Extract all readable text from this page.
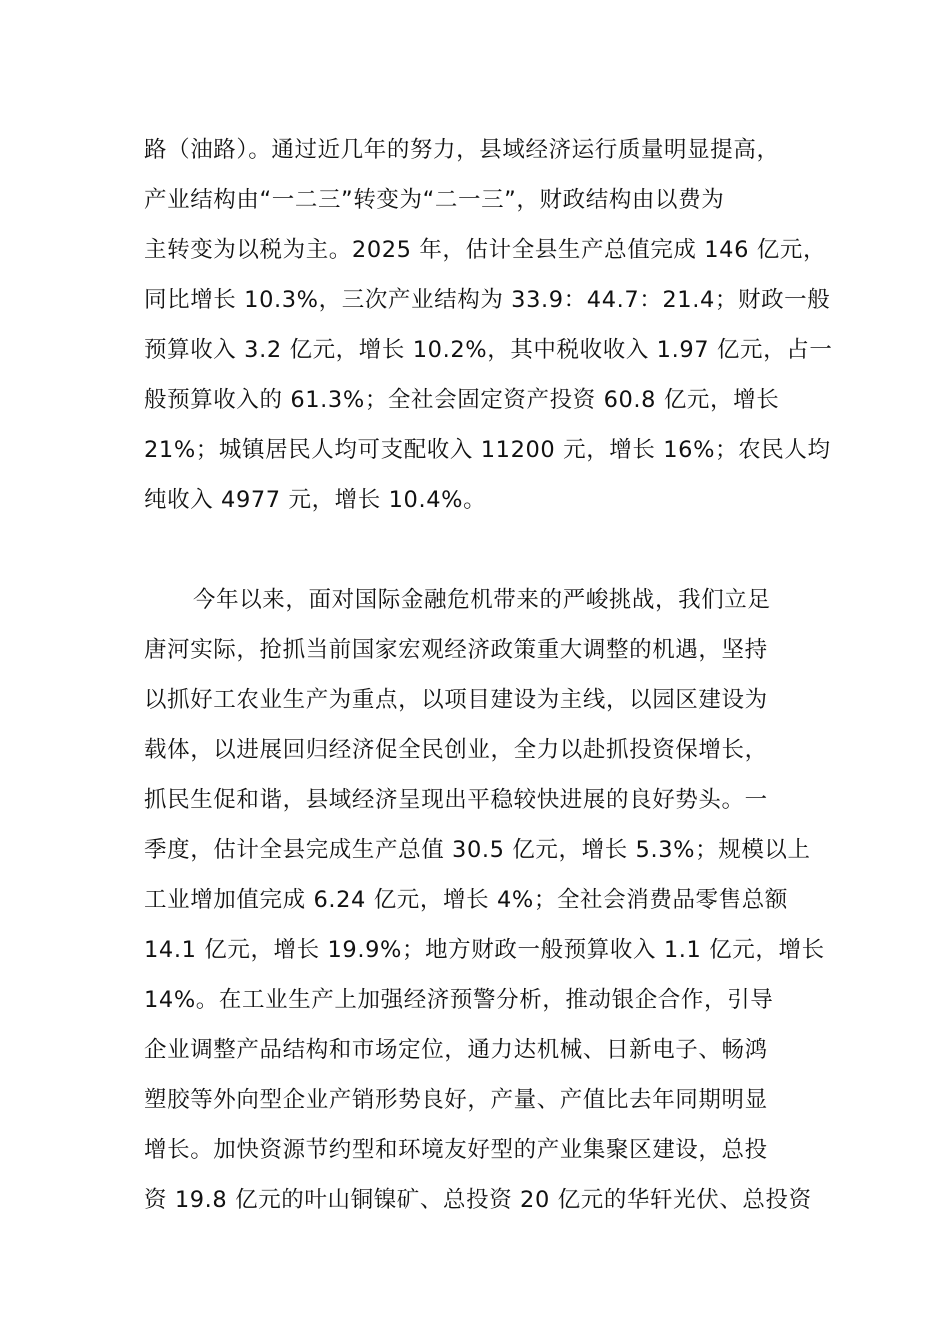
路（油路）。通过近几年的努力，县域经济运行质量明显提高，
产业结构由“一二三”转变为“二一三”，财政结构由以费为
主转变为以税为主。2025 年，估计全县生产总值完成 146 亿元，
同比增长 10.3%，三次产业结构为 33.9：44.7：21.4；财政一般
预算收入 3.2 亿元，增长 10.2%，其中税收收入 1.97 亿元，占一
般预算收入的 61.3%；全社会固定资产投资 60.8 亿元，增长
21%；城镇居民人均可支配收入 11200 元，增长 16%；农民人均
纯收入 4977 元，增长 10.4%。
今年以来，面对国际金融危机带来的严峻挑战，我们立足
唐河实际，抢抓当前国家宏观经济政策重大调整的机遇，坚持
以抓好工农业生产为重点，以项目建设为主线，以园区建设为
载体，以进展回归经济促全民创业，全力以赴抓投资保增长，
抓民生促和谐，县域经济呈现出平稳较快进展的良好势头。一
季度，估计全县完成生产总值 30.5 亿元，增长 5.3%；规模以上
工业增加值完成 6.24 亿元，增长 4%；全社会消费品零售总额
14.1 亿元，增长 19.9%；地方财政一般预算收入 1.1 亿元，增长
14%。在工业生产上加强经济预警分析，推动银企合作，引导
企业调整产品结构和市场定位，通力达机械、日新电子、畅鸿
塑胶等外向型企业产销形势良好，产量、产值比去年同期明显
增长。加快资源节约型和环境友好型的产业集聚区建设，总投
资 19.8 亿元的叶山铜镍矿、总投资 20 亿元的华轩光伏、总投资
